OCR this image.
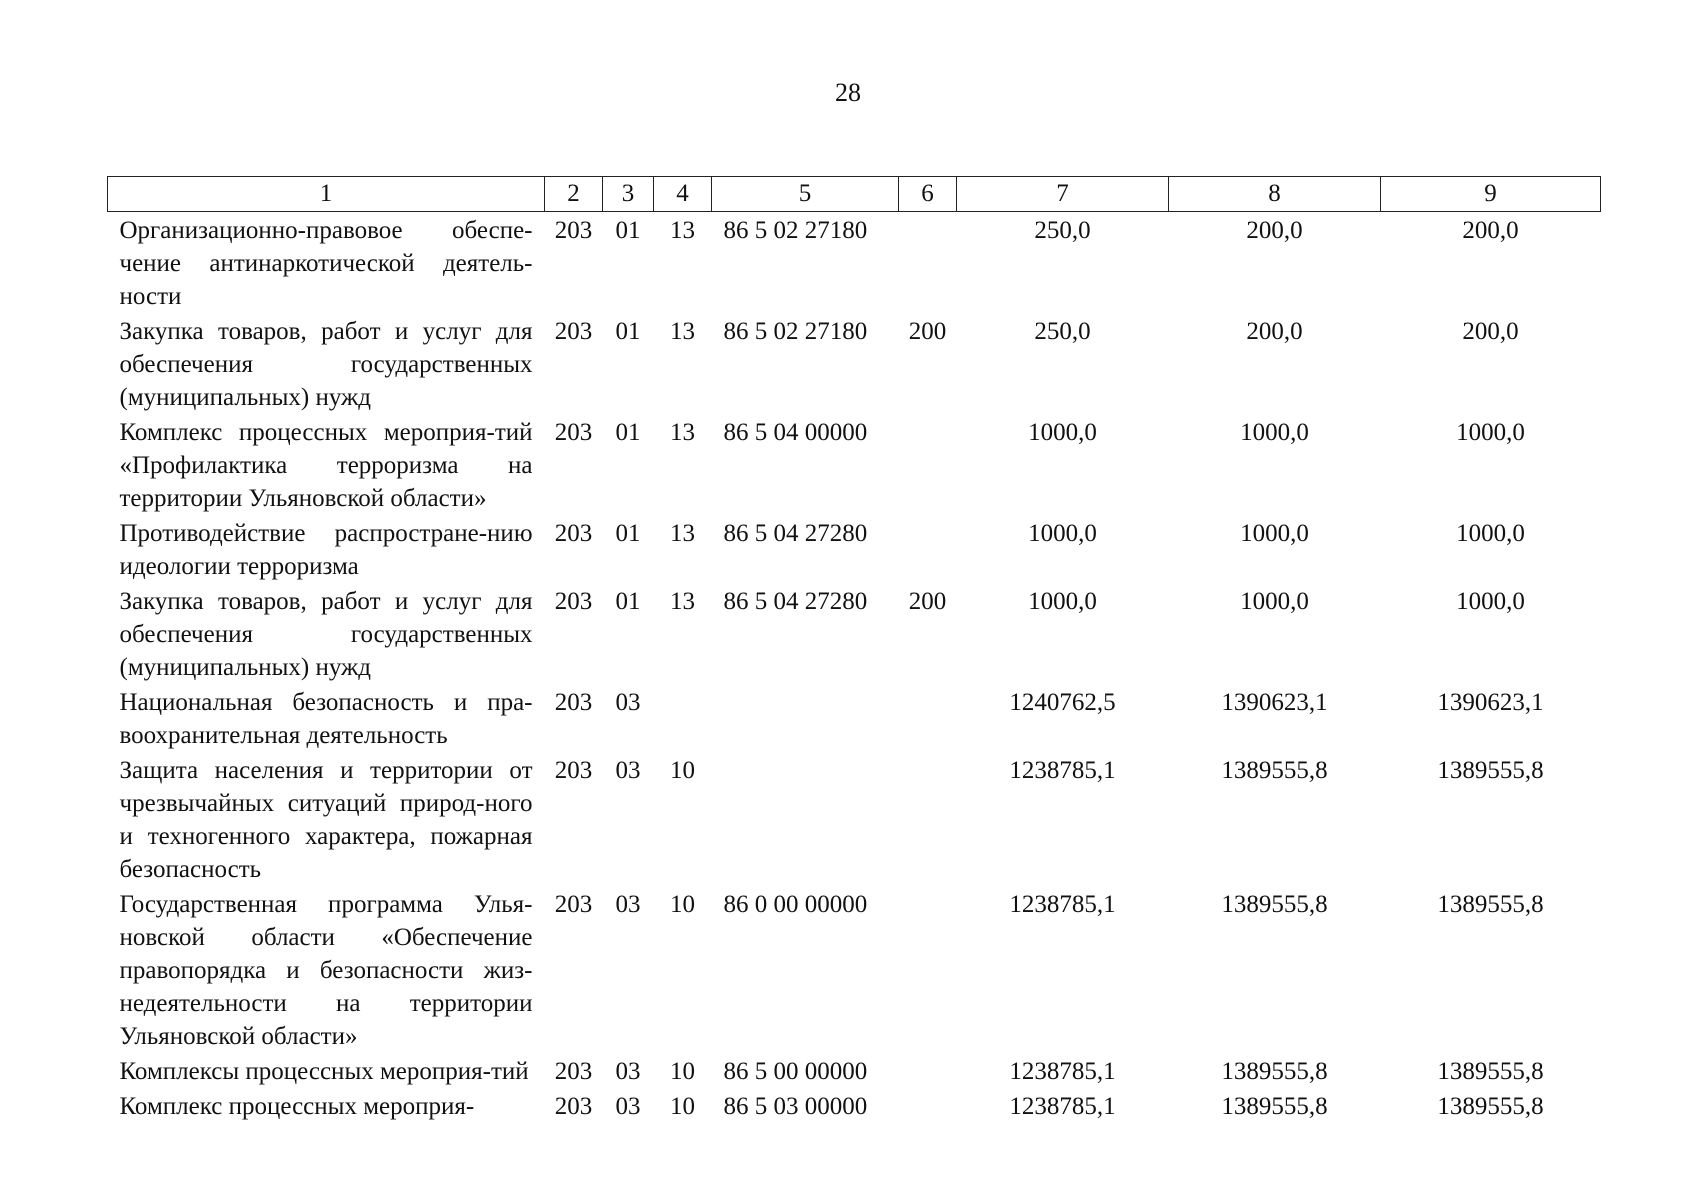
28
1	2	3	4	5	6	7	8	9
Организационно-правовое обеспе-чение антинаркотической деятель-ности	203	01	13	86 5 02 27180		250,0	200,0	200,0
Закупка товаров, работ и услуг для обеспечения государственных (муниципальных) нужд	203	01	13	86 5 02 27180	200	250,0	200,0	200,0
Комплекс процессных мероприя-тий «Профилактика терроризма на территории Ульяновской области»	203	01	13	86 5 04 00000		1000,0	1000,0	1000,0
Противодействие распростране-нию идеологии терроризма	203	01	13	86 5 04 27280		1000,0	1000,0	1000,0
Закупка товаров, работ и услуг для обеспечения государственных (муниципальных) нужд	203	01	13	86 5 04 27280	200	1000,0	1000,0	1000,0
Национальная безопасность и пра-воохранительная деятельность	203	03				1240762,5	1390623,1	1390623,1
Защита населения и территории от чрезвычайных ситуаций природ-ного и техногенного характера, пожарная безопасность	203	03	10			1238785,1	1389555,8	1389555,8
Государственная программа Улья-новской области «Обеспечение правопорядка и безопасности жиз-недеятельности на территории Ульяновской области»	203	03	10	86 0 00 00000		1238785,1	1389555,8	1389555,8
Комплексы процессных мероприя-тий	203	03	10	86 5 00 00000		1238785,1	1389555,8	1389555,8
Комплекс процессных мероприя-	203	03	10	86 5 03 00000		1238785,1	1389555,8	1389555,8
